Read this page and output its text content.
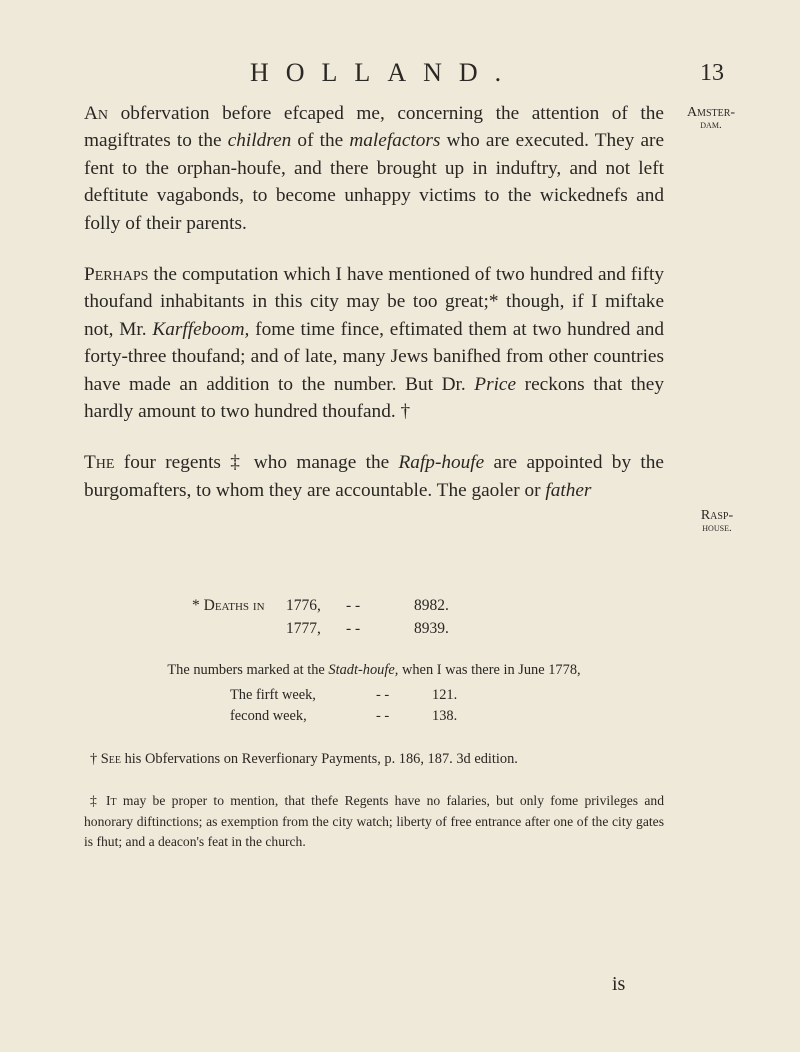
HOLLAND.	13
Amster-
dam.
Rasp-
house.

An obfervation before efcaped me, concerning the attention of the magiftrates to the children of the malefactors who are executed. They are fent to the orphan-houfe, and there brought up in induftry, and not left deftitute vagabonds, to become unhappy victims to the wickednefs and folly of their parents.

Perhaps the computation which I have mentioned of two hundred and fifty thoufand inhabitants in this city may be too great;* though, if I miftake not, Mr. Karffeboom, fome time fince, eftimated them at two hundred and forty-three thoufand; and of late, many Jews banifhed from other countries have made an addition to the number. But Dr. Price reckons that they hardly amount to two hundred thoufand. †

The four regents ‡ who manage the Rafp-houfe are appointed by the burgomafters, to whom they are accountable. The gaoler or father

* Deaths in 1776, - -	8982.
1777, - -	8939.
The numbers marked at the Stadt-houfe, when I was there in June 1778,
The firft week,	- -	121.
fecond week,	- -	138.
† See his Obfervations on Reverfionary Payments, p. 186, 187. 3d edition.
‡ It may be proper to mention, that thefe Regents have no falaries, but only fome privileges and honorary diftinctions; as exemption from the city watch; liberty of free entrance after one of the city gates is fhut; and a deacon's feat in the church.
is
